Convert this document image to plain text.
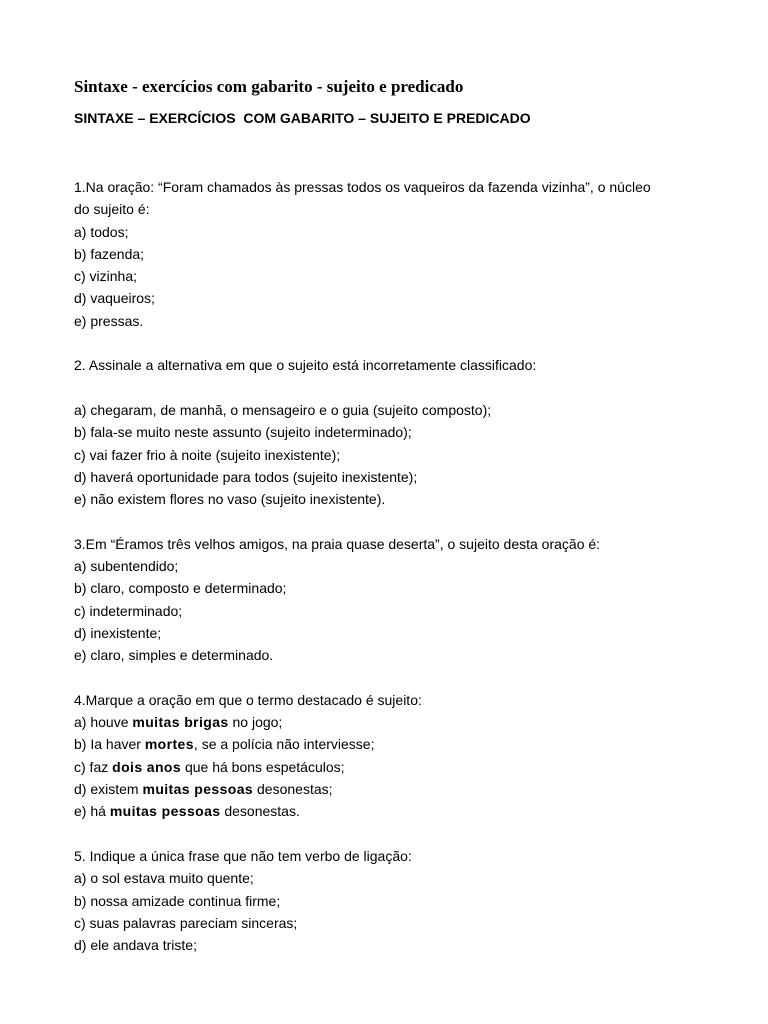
Sintaxe - exercícios com gabarito - sujeito e predicado
SINTAXE – EXERCÍCIOS  COM GABARITO – SUJEITO E PREDICADO

1.Na oração: “Foram chamados às pressas todos os vaqueiros da fazenda vizinha”, o núcleo

do sujeito é:

a) todos;

b) fazenda;

c) vizinha;

d) vaqueiros;

e) pressas.

2. Assinale a alternativa em que o sujeito está incorretamente classificado:

a) chegaram, de manhã, o mensageiro e o guia (sujeito composto);

b) fala-se muito neste assunto (sujeito indeterminado);

c) vai fazer frio à noite (sujeito inexistente);

d) haverá oportunidade para todos (sujeito inexistente);

e) não existem flores no vaso (sujeito inexistente).

3.Em “Éramos três velhos amigos, na praia quase deserta”, o sujeito desta oração é:

a) subentendido;

b) claro, composto e determinado;

c) indeterminado;

d) inexistente;

e) claro, simples e determinado.

4.Marque a oração em que o termo destacado é sujeito:

a) houve muitas brigas no jogo;

b) Ia haver mortes, se a polícia não interviesse;

c) faz dois anos que há bons espetáculos;

d) existem muitas pessoas desonestas;

e) há muitas pessoas desonestas.

5. Indique a única frase que não tem verbo de ligação:

a) o sol estava muito quente;

b) nossa amizade continua firme;

c) suas palavras pareciam sinceras;

d) ele andava triste;
